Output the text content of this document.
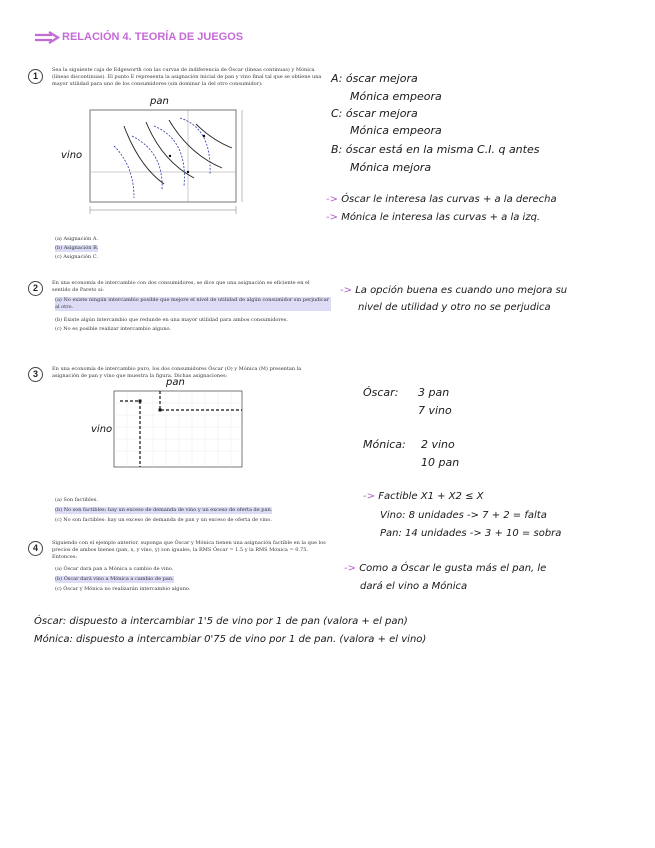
RELACIÓN 4. TEORÍA DE JUEGOS
1
Sea la siguiente caja de Edgeworth con las curvas de indiferencia de Óscar (líneas continuas) y Mónica (líneas discontinuas). El punto E representa la asignación inicial de pan y vino final tal que se obtiene una mayor utilidad para uno de los consumidores (sin dominar la del otro consumidor):
pan
vino
(a) Asignación A.
(b) Asignación B.
(c) Asignación C.
A: óscar mejora
Mónica empeora
C: óscar mejora
Mónica empeora
B: óscar está en la misma C.I. q antes
Mónica mejora
-> Óscar le interesa las curvas + a la derecha
-> Mónica le interesa las curvas + a la izq.
2	En una economía de intercambio con dos consumidores, se dice que una asignación es eficiente en el sentido de Pareto si:
(a) No existe ningún intercambio posible que mejore el nivel de utilidad de algún consumidor sin perjudicar al otro.
(b) Existe algún intercambio que redunde en una mayor utilidad para ambos consumidores.
(c) No es posible realizar intercambio alguno.
-> La opción buena es cuando uno mejora su
nivel de utilidad y otro no se perjudica
3	En una economía de intercambio puro, los dos consumidores Óscar (O) y Mónica (M) presentan la asignación de pan y vino que muestra la figura. Dichas asignaciones:
pan
vino
(a) Son factibles.
(b) No son factibles: hay un exceso de demanda de vino y un exceso de oferta de pan.
(c) No son factibles: hay un exceso de demanda de pan y un exceso de oferta de vino.
Óscar: 3 pan
7 vino
Mónica: 2 vino
10 pan
-> Factible X1 + X2 ≤ X
Vino: 8 unidades -> 7 + 2 = falta
Pan: 14 unidades -> 3 + 10 = sobra
4	Siguiendo con el ejemplo anterior, suponga que Óscar y Mónica tienen una asignación factible en la que los precios de ambos bienes (pan, x, y vino, y) son iguales, la RMS Óscar = 1.5 y la RMS Mónica = 0.75. Entonces:
(a) Óscar dará pan a Mónica a cambio de vino.
(b) Óscar dará vino a Mónica a cambio de pan.
(c) Óscar y Mónica no realizarán intercambio alguno.
-> Como a Óscar le gusta más el pan, le
dará el vino a Mónica
Óscar: dispuesto a intercambiar 1'5 de vino por 1 de pan (valora + el pan)
Mónica: dispuesto a intercambiar 0'75 de vino por 1 de pan. (valora + el vino)
